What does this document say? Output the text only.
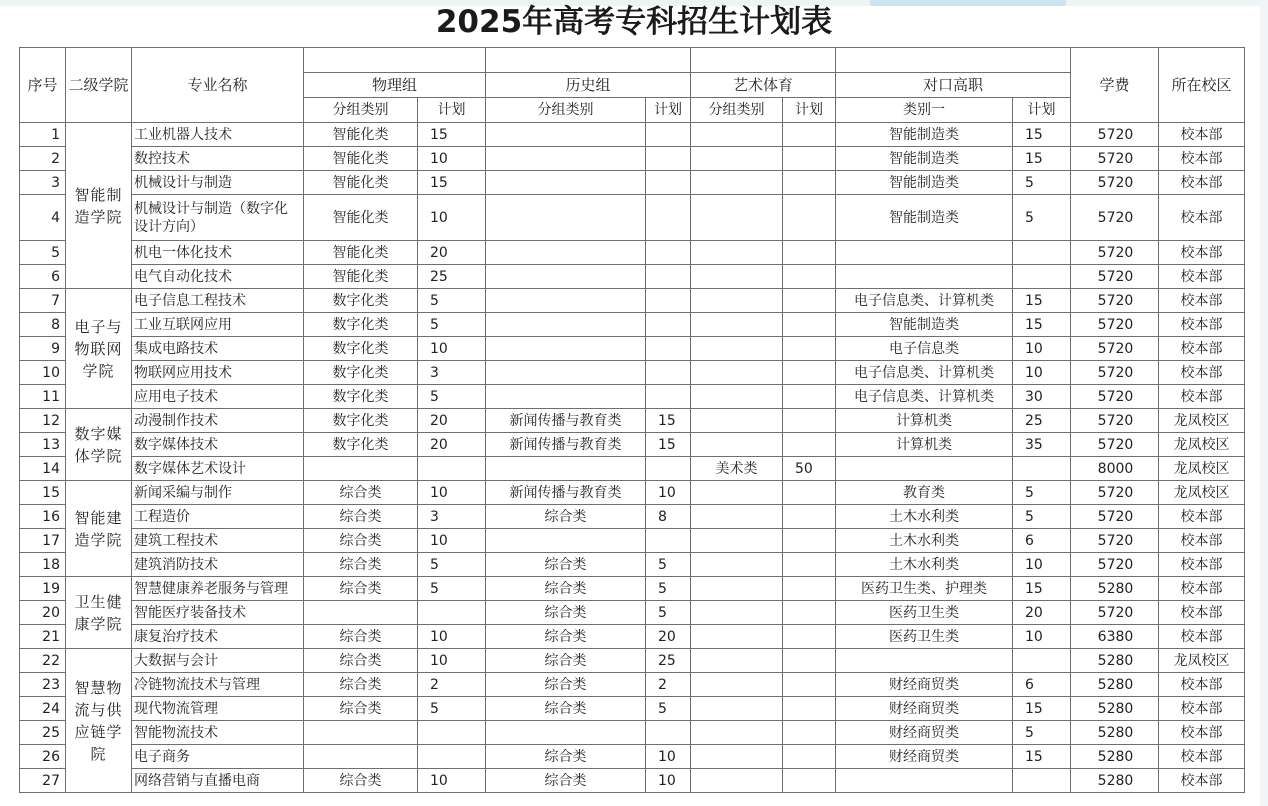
2025年高考专科招生计划表
序号	二级学院	专业名称									学费	所在校区
			物理组		历史组		艺术体育		对口高职			
			分组类别	计划	分组类别	计划	分组类别	计划	类别一	计划		
1	智能制造学院	工业机器人技术	智能化类	15					智能制造类	15	5720	校本部
2		数控技术	智能化类	10					智能制造类	15	5720	校本部
3		机械设计与制造	智能化类	15					智能制造类	5	5720	校本部
4		机械设计与制造（数字化设计方向）	智能化类	10					智能制造类	5	5720	校本部
5		机电一体化技术	智能化类	20							5720	校本部
6		电气自动化技术	智能化类	25							5720	校本部
7	电子与物联网学院	电子信息工程技术	数字化类	5					电子信息类、计算机类	15	5720	校本部
8		工业互联网应用	数字化类	5					智能制造类	15	5720	校本部
9		集成电路技术	数字化类	10					电子信息类	10	5720	校本部
10		物联网应用技术	数字化类	3					电子信息类、计算机类	10	5720	校本部
11		应用电子技术	数字化类	5					电子信息类、计算机类	30	5720	校本部
12	数字媒体学院	动漫制作技术	数字化类	20	新闻传播与教育类	15			计算机类	25	5720	龙凤校区
13		数字媒体技术	数字化类	20	新闻传播与教育类	15			计算机类	35	5720	龙凤校区
14		数字媒体艺术设计					美术类	50			8000	龙凤校区
15	智能建造学院	新闻采编与制作	综合类	10	新闻传播与教育类	10			教育类	5	5720	龙凤校区
16		工程造价	综合类	3	综合类	8			土木水利类	5	5720	校本部
17		建筑工程技术	综合类	10					土木水利类	6	5720	校本部
18		建筑消防技术	综合类	5	综合类	5			土木水利类	10	5720	校本部
19	卫生健康学院	智慧健康养老服务与管理	综合类	5	综合类	5			医药卫生类、护理类	15	5280	校本部
20		智能医疗装备技术			综合类	5			医药卫生类	20	5720	校本部
21		康复治疗技术	综合类	10	综合类	20			医药卫生类	10	6380	校本部
22	智慧物流与供应链学院	大数据与会计	综合类	10	综合类	25					5280	龙凤校区
23		冷链物流技术与管理	综合类	2	综合类	2			财经商贸类	6	5280	校本部
24		现代物流管理	综合类	5	综合类	5			财经商贸类	15	5280	校本部
25		智能物流技术							财经商贸类	5	5280	校本部
26		电子商务			综合类	10			财经商贸类	15	5280	校本部
27		网络营销与直播电商	综合类	10	综合类	10					5280	校本部
